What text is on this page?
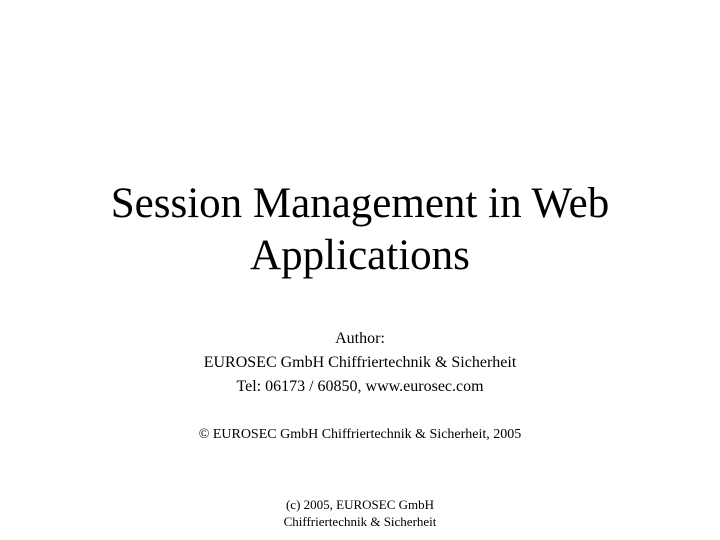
Session Management in Web
Applications
Author:
EUROSEC GmbH Chiffriertechnik & Sicherheit
Tel: 06173 / 60850, www.eurosec.com
© EUROSEC GmbH Chiffriertechnik & Sicherheit, 2005
(c) 2005, EUROSEC GmbH
Chiffriertechnik & Sicherheit
